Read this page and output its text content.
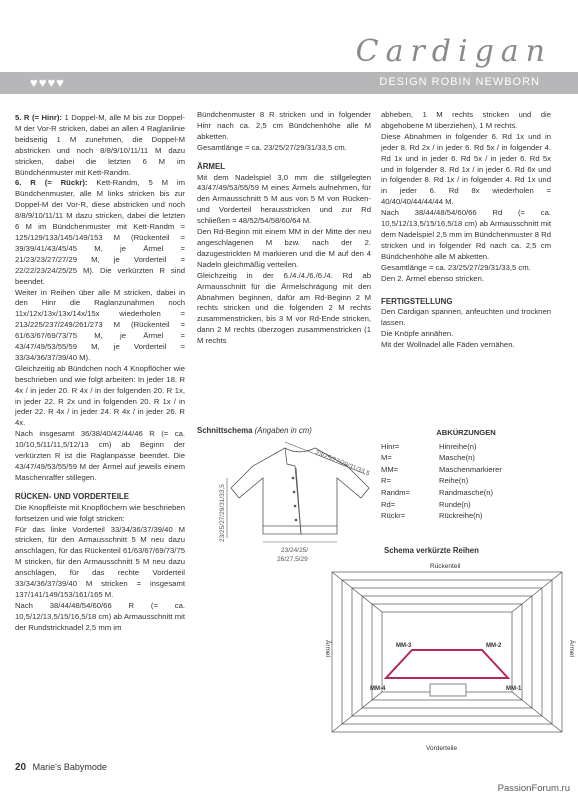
Cardigan
♥♥♥♥	DESIGN ROBIN NEWBORN

5. R (= Hinr): 1 Doppel-M, alle M bis zur Doppel-M der Vor-R stricken, dabei an allen 4 Raglanlinie beidseitig 1 M zunehmen, die Doppel-M abstricken und noch 8/8/9/10/11/11 M dazu stricken, dabei die letzten 6 M im Bündchenmuster mit Kett-Randm.

6. R (= Rückr): Kett-Randm, 5 M im Bündchenmuster, alle M links stricken bis zur Doppel-M der Vor-R, diese abstricken und noch 8/8/9/10/11/11 M dazu stricken, dabei die letzten 6 M im Bündchenmuster mit Kett-Randm = 125/129/133/145/149/153 M (Rückenteil = 39/39/41/43/45/45 M, je Ärmel = 21/23/23/27/27/29 M, je Vorderteil = 22/22/23/24/25/25 M). Die verkürzten R sind beendet.

Weiter in Reihen über alle M stricken, dabei in den Hinr die Raglanzunahmen noch 11x/12x/13x/13x/14x/15x wiederholen = 213/225/237/249/261/273 M (Rückenteil = 61/63/67/69/73/75 M, je Ärmel = 43/47/49/53/55/59 M, je Vorderteil = 33/34/36/37/39/40 M).

Gleichzeitig ab Bündchen noch 4 Knopflöcher wie beschrieben und wie folgt arbeiten: In jeder 18. R 4x / in jeder 20. R 4x / in der folgenden 20. R 1x, in jeder 22. R 2x und in folgenden 20. R 1x / in jeder 22. R 4x / in jeder 24. R 4x / in jeder 26. R 4x.

Nach insgesamt 36/38/40/42/44/46 R (= ca. 10/10,5/11/11,5/12/13 cm) ab Beginn der verkürzten R ist die Raglanpasse beendet. Die 43/47/49/53/55/59 M der Ärmel auf jeweils einem Maschenraffer stillegen.

RÜCKEN- UND VORDERTEILE

Die Knopfleiste mit Knopflöchern wie beschrieben fortsetzen und wie folgt stricken:

Für das linke Vorderteil 33/34/36/37/39/40 M stricken, für den Armausschnitt 5 M neu dazu anschlagen, für das Rückenteil 61/63/67/69/73/75 M stricken, für den Armausschnitt 5 M neu dazu anschlagen, für das rechte Vorderteil 33/34/36/37/39/40 M stricken = insgesamt 137/141/149/153/161/165 M.

Nach 38/44/48/54/60/66 R (= ca. 10,5/12/13,5/15/16,5/18 cm) ab Armausschnitt mit der Rundstricknadel 2,5 mm im

Bündchenmuster 8 R stricken und in folgender Hinr nach ca. 2,5 cm Bündchenhöhe alle M abketten.

Gesamtlänge = ca. 23/25/27/29/31/33,5 cm.

ÄRMEL

Mit dem Nadelspiel 3,0 mm die stillgelegten 43/47/49/53/55/59 M eines Ärmels aufnehmen, für den Armausschnitt 5 M aus von 5 M von Rücken- und Vorderteil herausstricken und zur Rd schließen = 48/52/54/58/60/64 M.

Den Rd-Beginn mit einem MM in der Mitte der neu angeschlagenen M bzw. nach der 2. dazugestrickten M markieren und die M auf den 4 Nadeln gleichmäßig verteilen.

Gleichzeitig in der 6./4./4./6./6./4. Rd ab Armausschnitt für die Ärmelschrägung mit den Abnahmen beginnen, dafür am Rd-Beginn 2 M rechts stricken und die folgenden 2 M rechts zusammenstricken, bis 3 M vor Rd-Ende stricken, dann 2 M rechts überzogen zusammenstricken (1 M rechts

abheben, 1 M rechts stricken und die abgehobene M überziehen), 1 M rechts.

Diese Abnahmen in folgender 6. Rd 1x und in jeder 8. Rd 2x / in jeder 6. Rd 5x / in folgender 4. Rd 1x und in jeder 6. Rd 5x / in jeder 6. Rd 5x und in folgender 8. Rd 1x / in jeder 6. Rd 6x und in folgender 8. Rd 1x / in folgender 4. Rd 1x und in jeder 6. Rd 8x wiederholen = 40/40/40/44/44/44 M.

Nach 38/44/48/54/60/66 Rd (= ca. 10,5/12/13,5/15/16,5/18 cm) ab Armausschnitt mit dem Nadelspiel 2,5 mm im Bündchenmuster 8 Rd stricken und in folgender Rd nach ca. 2,5 cm Bündchenhöhe alle M abketten.

Gesamtlänge = ca. 23/25/27/29/31/33,5 cm.

Den 2. Ärmel ebenso stricken.

FERTIGSTELLUNG

Den Cardigan spannen, anfeuchten und trocknen lassen.

Die Knöpfe annähen.

Mit der Wollnadel alle Fäden vernähen.

ABKÜRZUNGEN
Hinr=	Hinreihe(n)
M=	Masche(n)
MM=	Maschenmarkierer
R=	Reihe(n)
Randm=	Randmasche(n)
Rd=	Runde(n)
Rückr=	Rückreihe(n)
Schnittschema (Angaben in cm)
23/25/27/29/31/33,5
23/25/27/29/31/33,5
23/24/25/
26/27,5/29
Schema verkürzte Reihen
MM-3	MM-2
MM-4	MM-1
Rückenteil
Vorderteile
Ärmel	Ärmel
20 Marie's Babymode
PassionForum.ru
